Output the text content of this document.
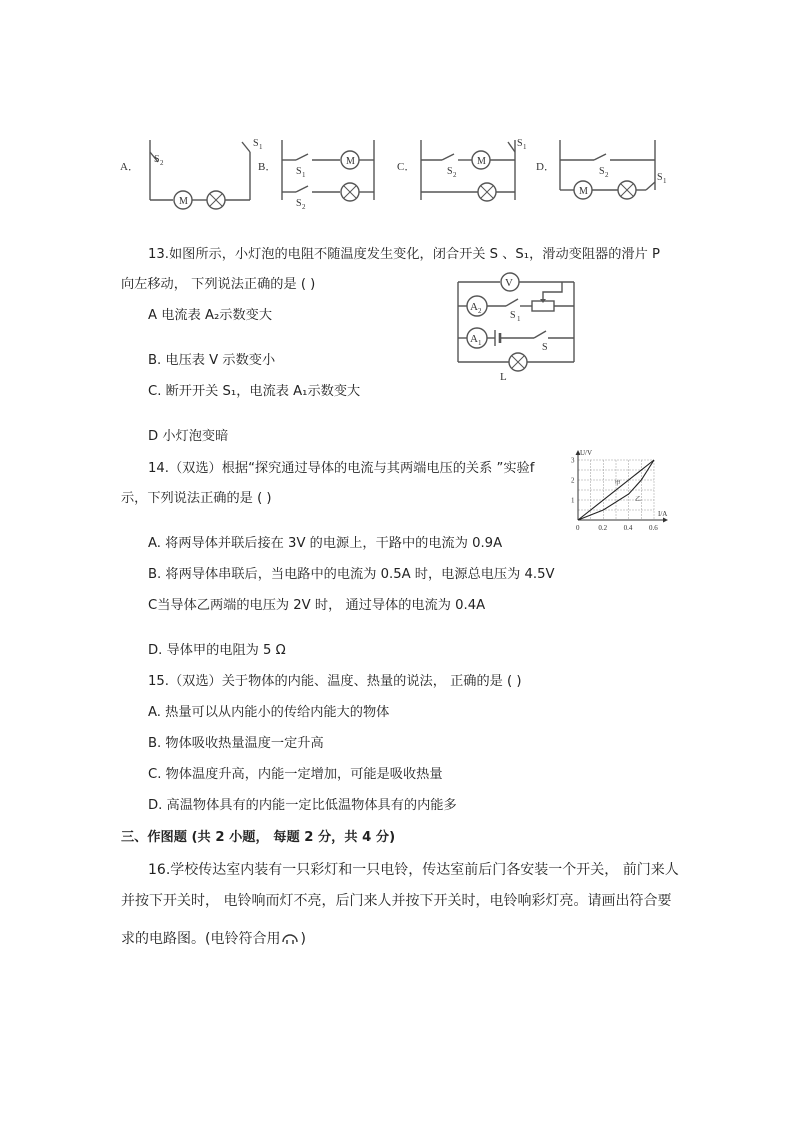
A．
M
S 2
S 1
B．	M
S 1
S 2
C．	M
S 2
S 1
D．	S 2
M
S 1
13.如图所示，小灯泡的电阻不随温度发生变化，闭合开关 S 、S₁，滑动变阻器的滑片 P
向左移动， 下列说法正确的是 ( )
A 电流表 A₂示数变大
B. 电压表 V 示数变小
C. 断开开关 S₁，电流表 A₁示数变大
D 小灯泡变暗
V
A 2	S 1
A 1	S
L
14.（双选）根据“探究通过导体的电流与其两端电压的关系 ”实验f
示，下列说法正确的是 ( )
U/V
I/A
0	0.2 0.4 0.6
1
2
3
甲
乙
A. 将两导体并联后接在 3V 的电源上，干路中的电流为 0.9A
B. 将两导体串联后，当电路中的电流为 0.5A 时，电源总电压为 4.5V
C当导体乙两端的电压为 2V 时， 通过导体的电流为 0.4A
D. 导体甲的电阻为 5 Ω
15.（双选）关于物体的内能、温度、热量的说法， 正确的是 ( )
A. 热量可以从内能小的传给内能大的物体
B. 物体吸收热量温度一定升高
C. 物体温度升高，内能一定增加，可能是吸收热量
D. 高温物体具有的内能一定比低温物体具有的内能多
三、作图题 (共 2 小题， 每题 2 分，共 4 分)
16.学校传达室内装有一只彩灯和一只电铃，传达室前后门各安装一个开关， 前门来人
并按下开关时， 电铃响而灯不亮，后门来人并按下开关时，电铃响彩灯亮。请画出符合要
求的电路图。(电铃符合用 )
